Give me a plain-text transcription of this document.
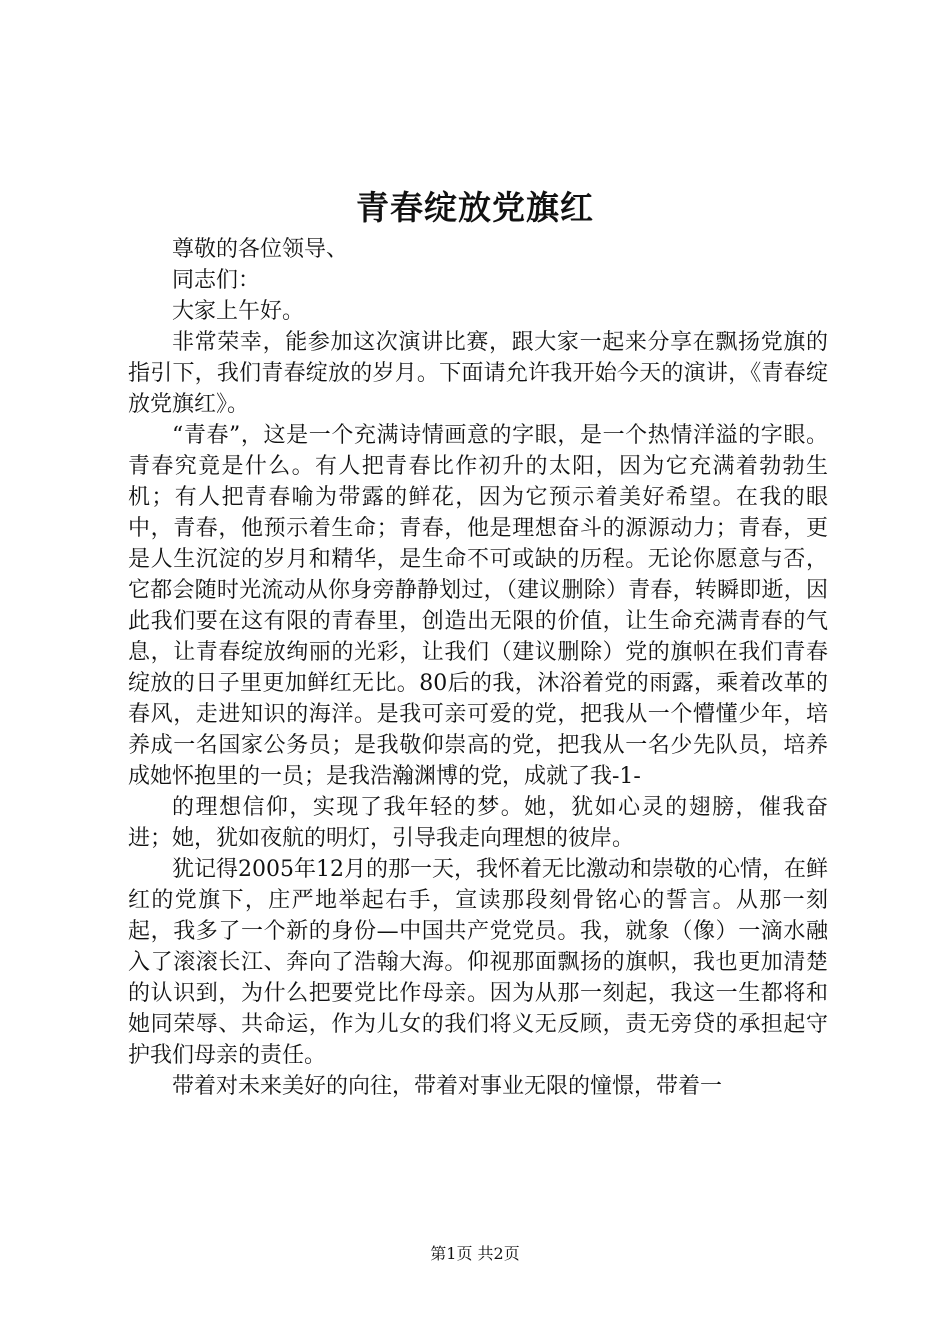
青春绽放党旗红

尊敬的各位领导、

同志们：

大家上午好。

非常荣幸，能参加这次演讲比赛，跟大家一起来分享在飘扬党旗的指引下，我们青春绽放的岁月。下面请允许我开始今天的演讲，《青春绽放党旗红》。

“青春”，这是一个充满诗情画意的字眼，是一个热情洋溢的字眼。青春究竟是什么。有人把青春比作初升的太阳，因为它充满着勃勃生机；有人把青春喻为带露的鲜花，因为它预示着美好希望。在我的眼中，青春，他预示着生命；青春，他是理想奋斗的源源动力；青春，更是人生沉淀的岁月和精华，是生命不可或缺的历程。无论你愿意与否，它都会随时光流动从你身旁静静划过，（建议删除）青春，转瞬即逝，因此我们要在这有限的青春里，创造出无限的价值，让生命充满青春的气息，让青春绽放绚丽的光彩，让我们（建议删除）党的旗帜在我们青春绽放的日子里更加鲜红无比。80后的我，沐浴着党的雨露，乘着改革的春风，走进知识的海洋。是我可亲可爱的党，把我从一个懵懂少年，培养成一名国家公务员；是我敬仰崇高的党，把我从一名少先队员，培养成她怀抱里的一员；是我浩瀚渊博的党，成就了我-1-

的理想信仰，实现了我年轻的梦。她，犹如心灵的翅膀，催我奋进；她，犹如夜航的明灯，引导我走向理想的彼岸。

犹记得2005年12月的那一天，我怀着无比激动和崇敬的心情，在鲜红的党旗下，庄严地举起右手，宣读那段刻骨铭心的誓言。从那一刻起，我多了一个新的身份—中国共产党党员。我，就象（像）一滴水融入了滚滚长江、奔向了浩翰大海。仰视那面飘扬的旗帜，我也更加清楚的认识到，为什么把要党比作母亲。因为从那一刻起，我这一生都将和她同荣辱、共命运，作为儿女的我们将义无反顾，责无旁贷的承担起守护我们母亲的责任。

带着对未来美好的向往，带着对事业无限的憧憬，带着一

第1页 共2页
